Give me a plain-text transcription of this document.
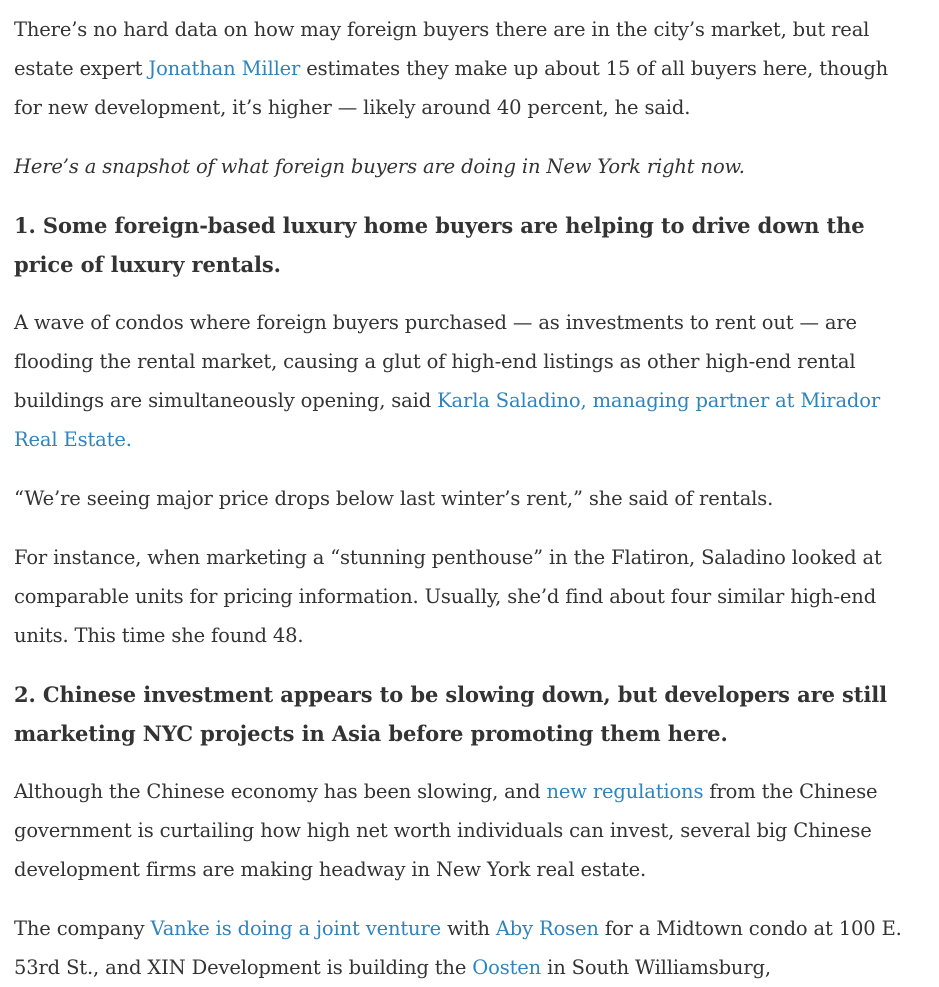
There’s no hard data on how may foreign buyers there are in the city’s market, but real estate expert Jonathan Miller estimates they make up about 15 of all buyers here, though for new development, it’s higher — likely around 40 percent, he said.

Here’s a snapshot of what foreign buyers are doing in New York right now.

1. Some foreign-based luxury home buyers are helping to drive down the price of luxury rentals.

A wave of condos where foreign buyers purchased — as investments to rent out — are flooding the rental market, causing a glut of high-end listings as other high-end rental buildings are simultaneously opening, said Karla Saladino, managing partner at Mirador Real Estate.

“We’re seeing major price drops below last winter’s rent,” she said of rentals.

For instance, when marketing a “stunning penthouse” in the Flatiron, Saladino looked at comparable units for pricing information. Usually, she’d find about four similar high-end units. This time she found 48.

2. Chinese investment appears to be slowing down, but developers are still marketing NYC projects in Asia before promoting them here.

Although the Chinese economy has been slowing, and new regulations from the Chinese government is curtailing how high net worth individuals can invest, several big Chinese development firms are making headway in New York real estate.

The company Vanke is doing a joint venture with Aby Rosen for a Midtown condo at 100 E. 53rd St., and XIN Development is building the Oosten in South Williamsburg,
